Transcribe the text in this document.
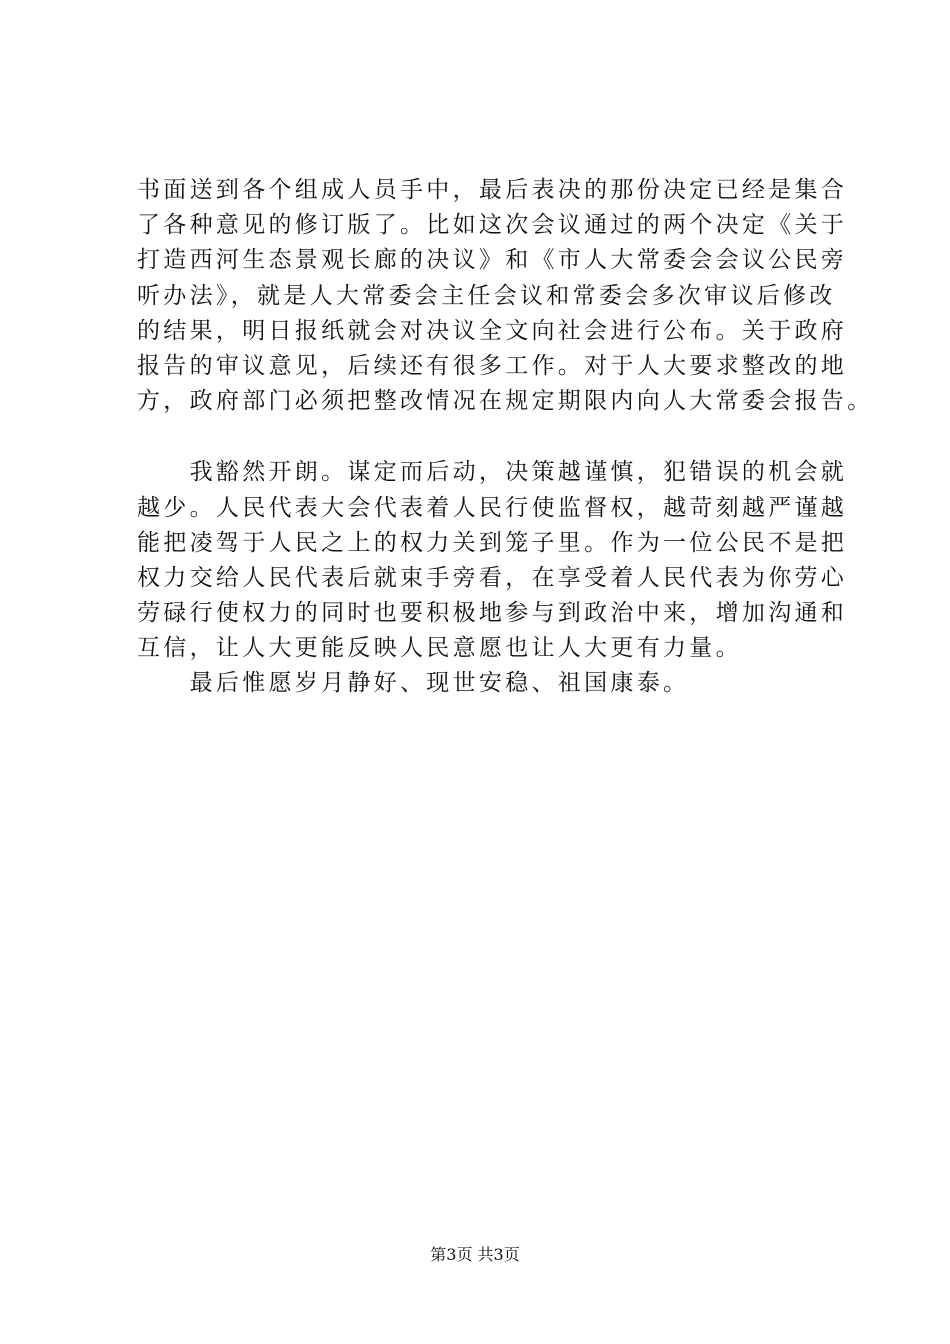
书面送到各个组成人员手中，最后表决的那份决定已经是集合
了各种意见的修订版了。比如这次会议通过的两个决定《关于
打造西河生态景观长廊的决议》和《市人大常委会会议公民旁
听办法》，就是人大常委会主任会议和常委会多次审议后修改
的结果，明日报纸就会对决议全文向社会进行公布。关于政府
报告的审议意见，后续还有很多工作。对于人大要求整改的地
方，政府部门必须把整改情况在规定期限内向人大常委会报告。
　　我豁然开朗。谋定而后动，决策越谨慎，犯错误的机会就
越少。人民代表大会代表着人民行使监督权，越苛刻越严谨越
能把凌驾于人民之上的权力关到笼子里。作为一位公民不是把
权力交给人民代表后就束手旁看，在享受着人民代表为你劳心
劳碌行使权力的同时也要积极地参与到政治中来，增加沟通和
互信，让人大更能反映人民意愿也让人大更有力量。
　　最后惟愿岁月静好、现世安稳、祖国康泰。
第3页 共3页
